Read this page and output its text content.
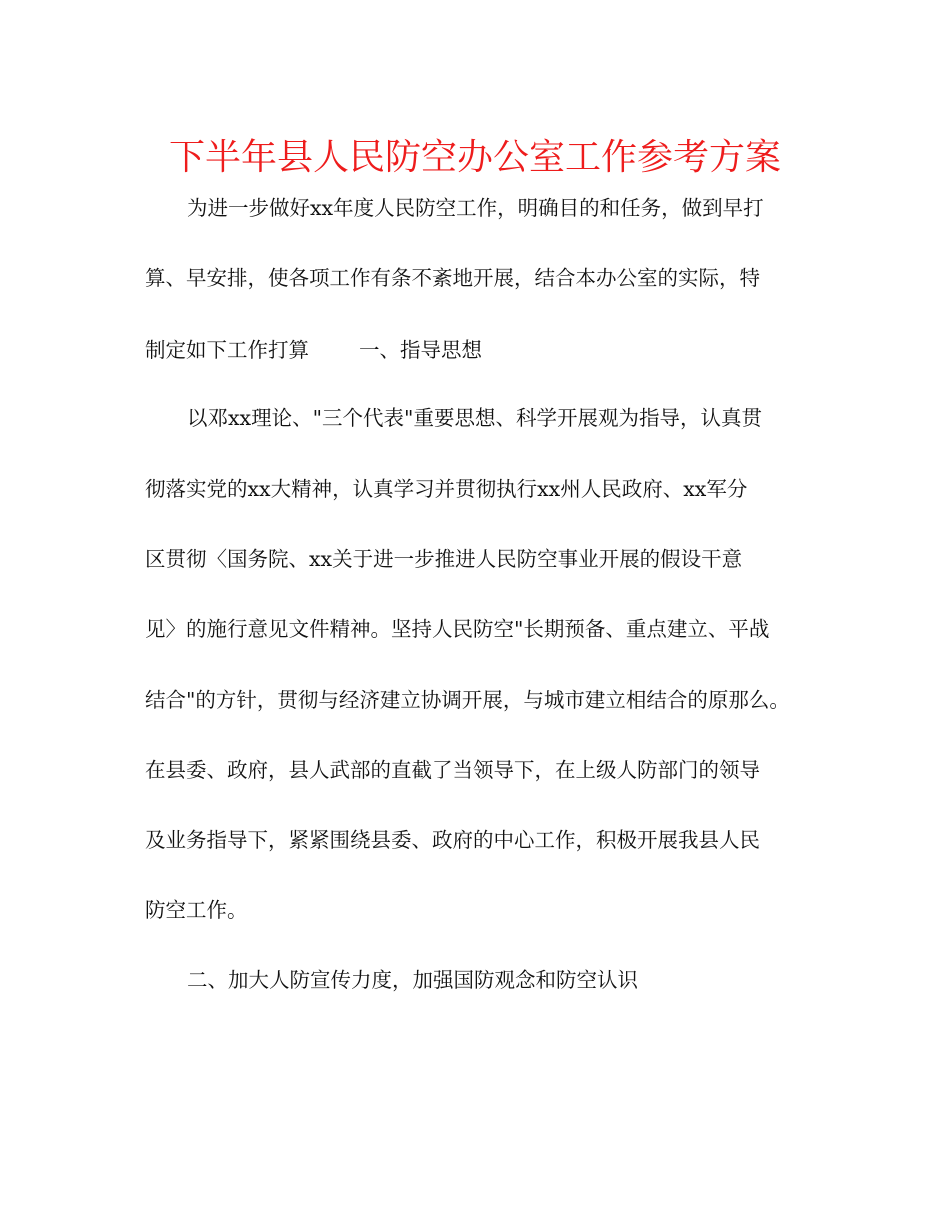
下半年县人民防空办公室工作参考方案
为进一步做好xx年度人民防空工作，明确目的和任务，做到早打
算、早安排，使各项工作有条不紊地开展，结合本办公室的实际，特
制定如下工作打算 一、指导思想
以邓xx理论、"三个代表"重要思想、科学开展观为指导，认真贯
彻落实党的xx大精神，认真学习并贯彻执行xx州人民政府、xx军分
区贯彻〈国务院、xx关于进一步推进人民防空事业开展的假设干意
见〉的施行意见文件精神。坚持人民防空"长期预备、重点建立、平战
结合"的方针，贯彻与经济建立协调开展，与城市建立相结合的原那么。
在县委、政府，县人武部的直截了当领导下，在上级人防部门的领导
及业务指导下，紧紧围绕县委、政府的中心工作，积极开展我县人民
防空工作。
二、加大人防宣传力度，加强国防观念和防空认识
